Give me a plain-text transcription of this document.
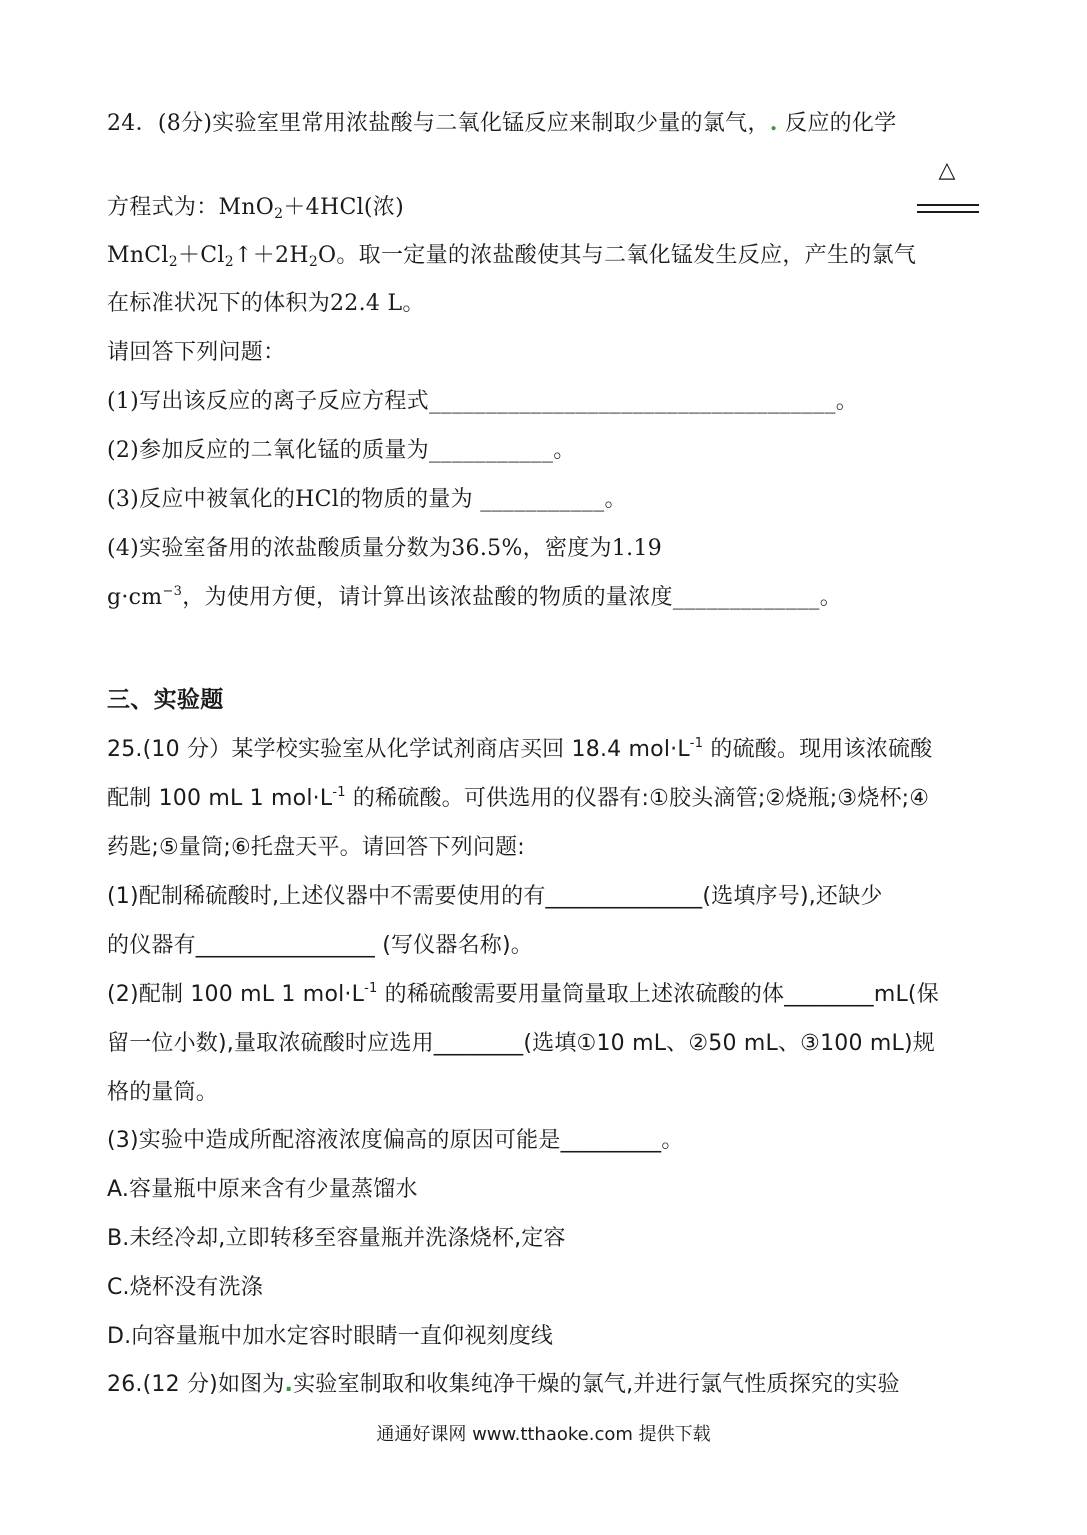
24．(8分)实验室里常用浓盐酸与二氧化锰反应来制取少量的氯气，. 反应的化学
△
方程式为：MnO$_2$＋4HCl(浓)
$MnCl_2+Cl_2↑+2H_2O$。取一定量的浓盐酸使其与二氧化锰发生反应，产生的氯气
在标准状况下的体积为22.4 L。
请回答下列问题：
(1)写出该反应的离子反应方程式____________________________________。
(2)参加反应的二氧化锰的质量为___________。
(3)反应中被氧化的HCl的物质的量为 ___________。
(4)实验室备用的浓盐酸质量分数为36.5%，密度为1.19
$g\cdot cm^{-3}$，为使用方便，请计算出该浓盐酸的物质的量浓度_____________。
三、实验题
25.(10 分）某学校实验室从化学试剂商店买回 18.4 $mol\cdot L^{-1}$ 的硫酸。现用该浓硫酸
配制 100 mL 1 $mol\cdot L^{-1}$ 的稀硫酸。可供选用的仪器有:①胶头滴管;②烧瓶;③烧杯;④
药匙;⑤量筒;⑥托盘天平。请回答下列问题:
(1)配制稀硫酸时,上述仪器中不需要使用的有______________(选填序号),还缺少
的仪器有________________ (写仪器名称)。
(2)配制 100 mL 1 $mol\cdot L^{-1}$ 的稀硫酸需要用量筒量取上述浓硫酸的体________mL(保
留一位小数),量取浓硫酸时应选用________(选填①10 mL、②50 mL、③100 mL)规
格的量筒。
(3)实验中造成所配溶液浓度偏高的原因可能是_________。
A.容量瓶中原来含有少量蒸馏水
B.未经冷却,立即转移至容量瓶并洗涤烧杯,定容
C.烧杯没有洗涤
D.向容量瓶中加水定容时眼睛一直仰视刻度线
26.(12 分)如图为.实验室制取和收集纯净干燥的氯气,并进行氯气性质探究的实验
通通好课网 www.tthaoke.com 提供下载
